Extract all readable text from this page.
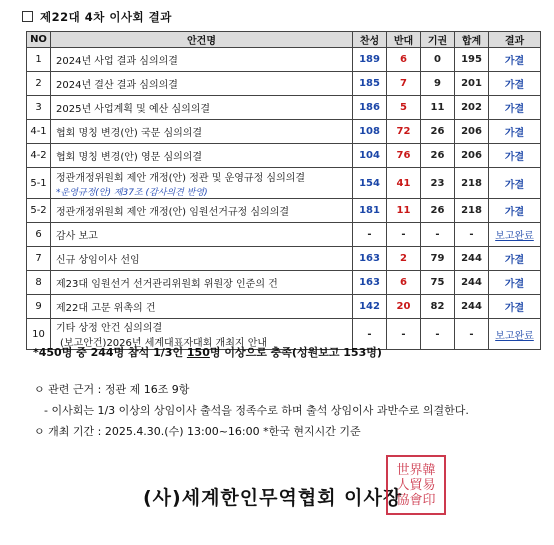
제22대 4차 이사회 결과
NO	안건명	찬성	반대	기권	합계	결과
1	2024년 사업 결과 심의의결	189	6	0	195	가결
2	2024년 결산 결과 심의의결	185	7	9	201	가결
3	2025년 사업계획 및 예산 심의의결	186	5	11	202	가결
4-1	협회 명칭 변경(안) 국문 심의의결	108	72	26	206	가결
4-2	협회 명칭 변경(안) 영문 심의의결	104	76	26	206	가결
5-1	정관개정위원회 제안 개정(안) 정관 및 운영규정 심의의결
*운영규정(안) 제37조 (감사의견 반영)	154	41	23	218	가결
5-2	정관개정위원회 제안 개정(안) 임원선거규정 심의의결	181	11	26	218	가결
6	감사 보고	-	-	-	-	보고완료
7	신규 상임이사 선임	163	2	79	244	가결
8	제23대 임원선거 선거관리위원회 위원장 인준의 건	163	6	75	244	가결
9	제22대 고문 위촉의 건	142	20	82	244	가결
10	기타 상정 안건 심의의결
(보고안건)2026년 세계대표자대회 개최지 안내	-	-	-	-	보고완료
*450명 중 244명 참석 1/3인 150명 이상으로 충족(성원보고 153명)
ㅇ 관련 근거 : 정관 제 16조 9항
- 이사회는 1/3 이상의 상임이사 출석을 정족수로 하며 출석 상임이사 과반수로 의결한다.
ㅇ 개최 기간 : 2025.4.30.(수) 13:00~16:00 *한국 현지시간 기준
(사)세계한인무역협회 이사장
世界韓
人貿易
協會印
